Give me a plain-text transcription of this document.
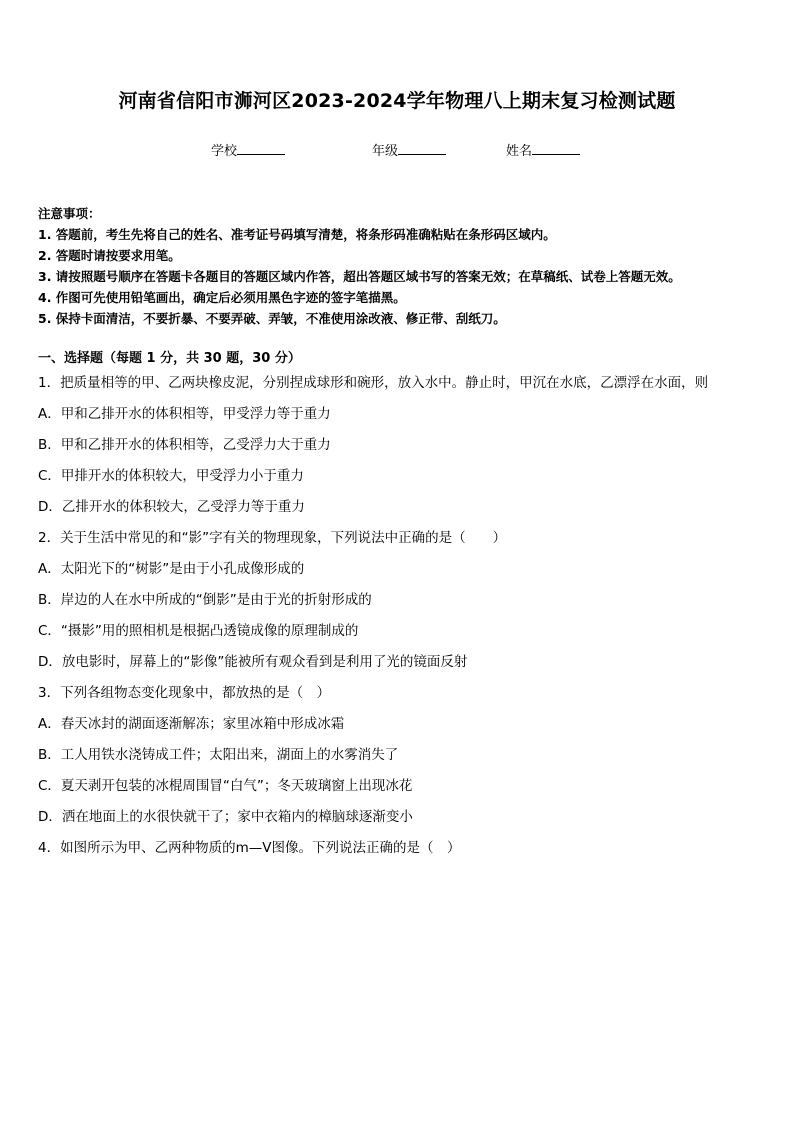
河南省信阳市浉河区2023-2024学年物理八上期末复习检测试题
学校	年级	姓名
注意事项：
1. 答题前，考生先将自己的姓名、准考证号码填写清楚，将条形码准确粘贴在条形码区域内。
2. 答题时请按要求用笔。
3. 请按照题号顺序在答题卡各题目的答题区域内作答，超出答题区域书写的答案无效；在草稿纸、试卷上答题无效。
4. 作图可先使用铅笔画出，确定后必须用黑色字迹的签字笔描黑。
5. 保持卡面清洁，不要折暴、不要弄破、弄皱，不准使用涂改液、修正带、刮纸刀。
一、选择题（每题 1 分，共 30 题，30 分）
1．把质量相等的甲、乙两块橡皮泥，分别捏成球形和碗形，放入水中。静止时，甲沉在水底，乙漂浮在水面，则
A．甲和乙排开水的体积相等，甲受浮力等于重力
B．甲和乙排开水的体积相等，乙受浮力大于重力
C．甲排开水的体积较大，甲受浮力小于重力
D．乙排开水的体积较大，乙受浮力等于重力
2．关于生活中常见的和“影”字有关的物理现象，下列说法中正确的是（　　）
A．太阳光下的“树影”是由于小孔成像形成的
B．岸边的人在水中所成的“倒影”是由于光的折射形成的
C．“摄影”用的照相机是根据凸透镜成像的原理制成的
D．放电影时，屏幕上的“影像”能被所有观众看到是利用了光的镜面反射
3．下列各组物态变化现象中，都放热的是（　）
A．春天冰封的湖面逐渐解冻；家里冰箱中形成冰霜
B．工人用铁水浇铸成工件；太阳出来，湖面上的水雾消失了
C．夏天剥开包装的冰棍周围冒“白气”；冬天玻璃窗上出现冰花
D．洒在地面上的水很快就干了；家中衣箱内的樟脑球逐渐变小
4．如图所示为甲、乙两种物质的m—V图像。下列说法正确的是（　）
